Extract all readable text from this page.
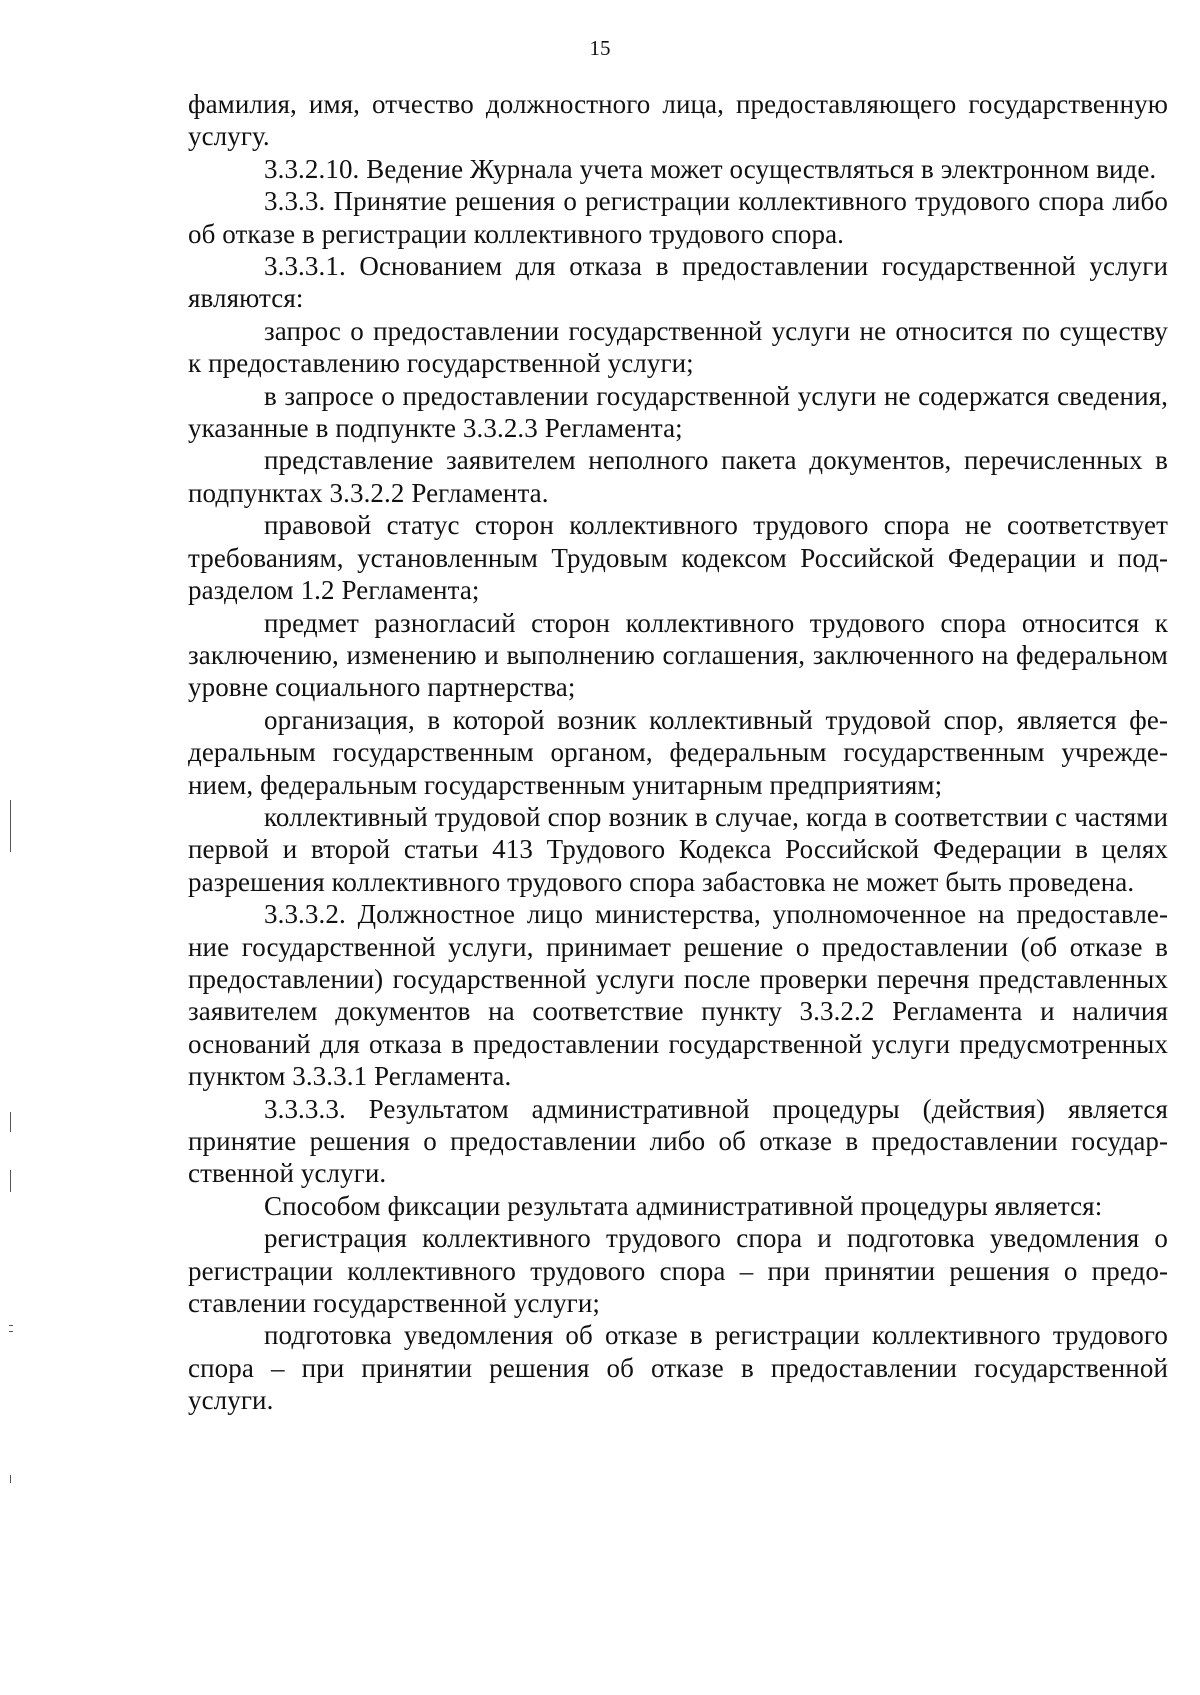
15

фамилия, имя, отчество должностного лица, предоставляющего государственную услугу.

3.3.2.10. Ведение Журнала учета может осуществляться в электронном виде.

3.3.3. Принятие решения о регистрации коллективного трудового спора либо об отказе в регистрации коллективного трудового спора.

3.3.3.1. Основанием для отказа в предоставлении государственной услуги являются:

запрос о предоставлении государственной услуги не относится по существу к предоставлению государственной услуги;

в запросе о предоставлении государственной услуги не содержатся сведения, указанные в подпункте 3.3.2.3 Регламента;

представление заявителем неполного пакета документов, перечисленных в подпунктах 3.3.2.2 Регламента.

правовой статус сторон коллективного трудового спора не соответствует требованиям, установленным Трудовым кодексом Российской Федерации и подразделом 1.2 Регламента;

предмет разногласий сторон коллективного трудового спора относится к заключению, изменению и выполнению соглашения, заключенного на федеральном уровне социального партнерства;

организация, в которой возник коллективный трудовой спор, является федеральным государственным органом, федеральным государственным учреждением, федеральным государственным унитарным предприятиям;

коллективный трудовой спор возник в случае, когда в соответствии с частями первой и второй статьи 413 Трудового Кодекса Российской Федерации в целях разрешения коллективного трудового спора забастовка не может быть проведена.

3.3.3.2. Должностное лицо министерства, уполномоченное на предоставление государственной услуги, принимает решение о предоставлении (об отказе в предоставлении) государственной услуги после проверки перечня представленных заявителем документов на соответствие пункту 3.3.2.2 Регламента и наличия оснований для отказа в предоставлении государственной услуги предусмотренных пунктом 3.3.3.1 Регламента.

3.3.3.3. Результатом административной процедуры (действия) является принятие решения о предоставлении либо об отказе в предоставлении государственной услуги.

Способом фиксации результата административной процедуры является:

регистрация коллективного трудового спора и подготовка уведомления о регистрации коллективного трудового спора – при принятии решения о предоставлении государственной услуги;

подготовка уведомления об отказе в регистрации коллективного трудового спора – при принятии решения об отказе в предоставлении государственной услуги.
